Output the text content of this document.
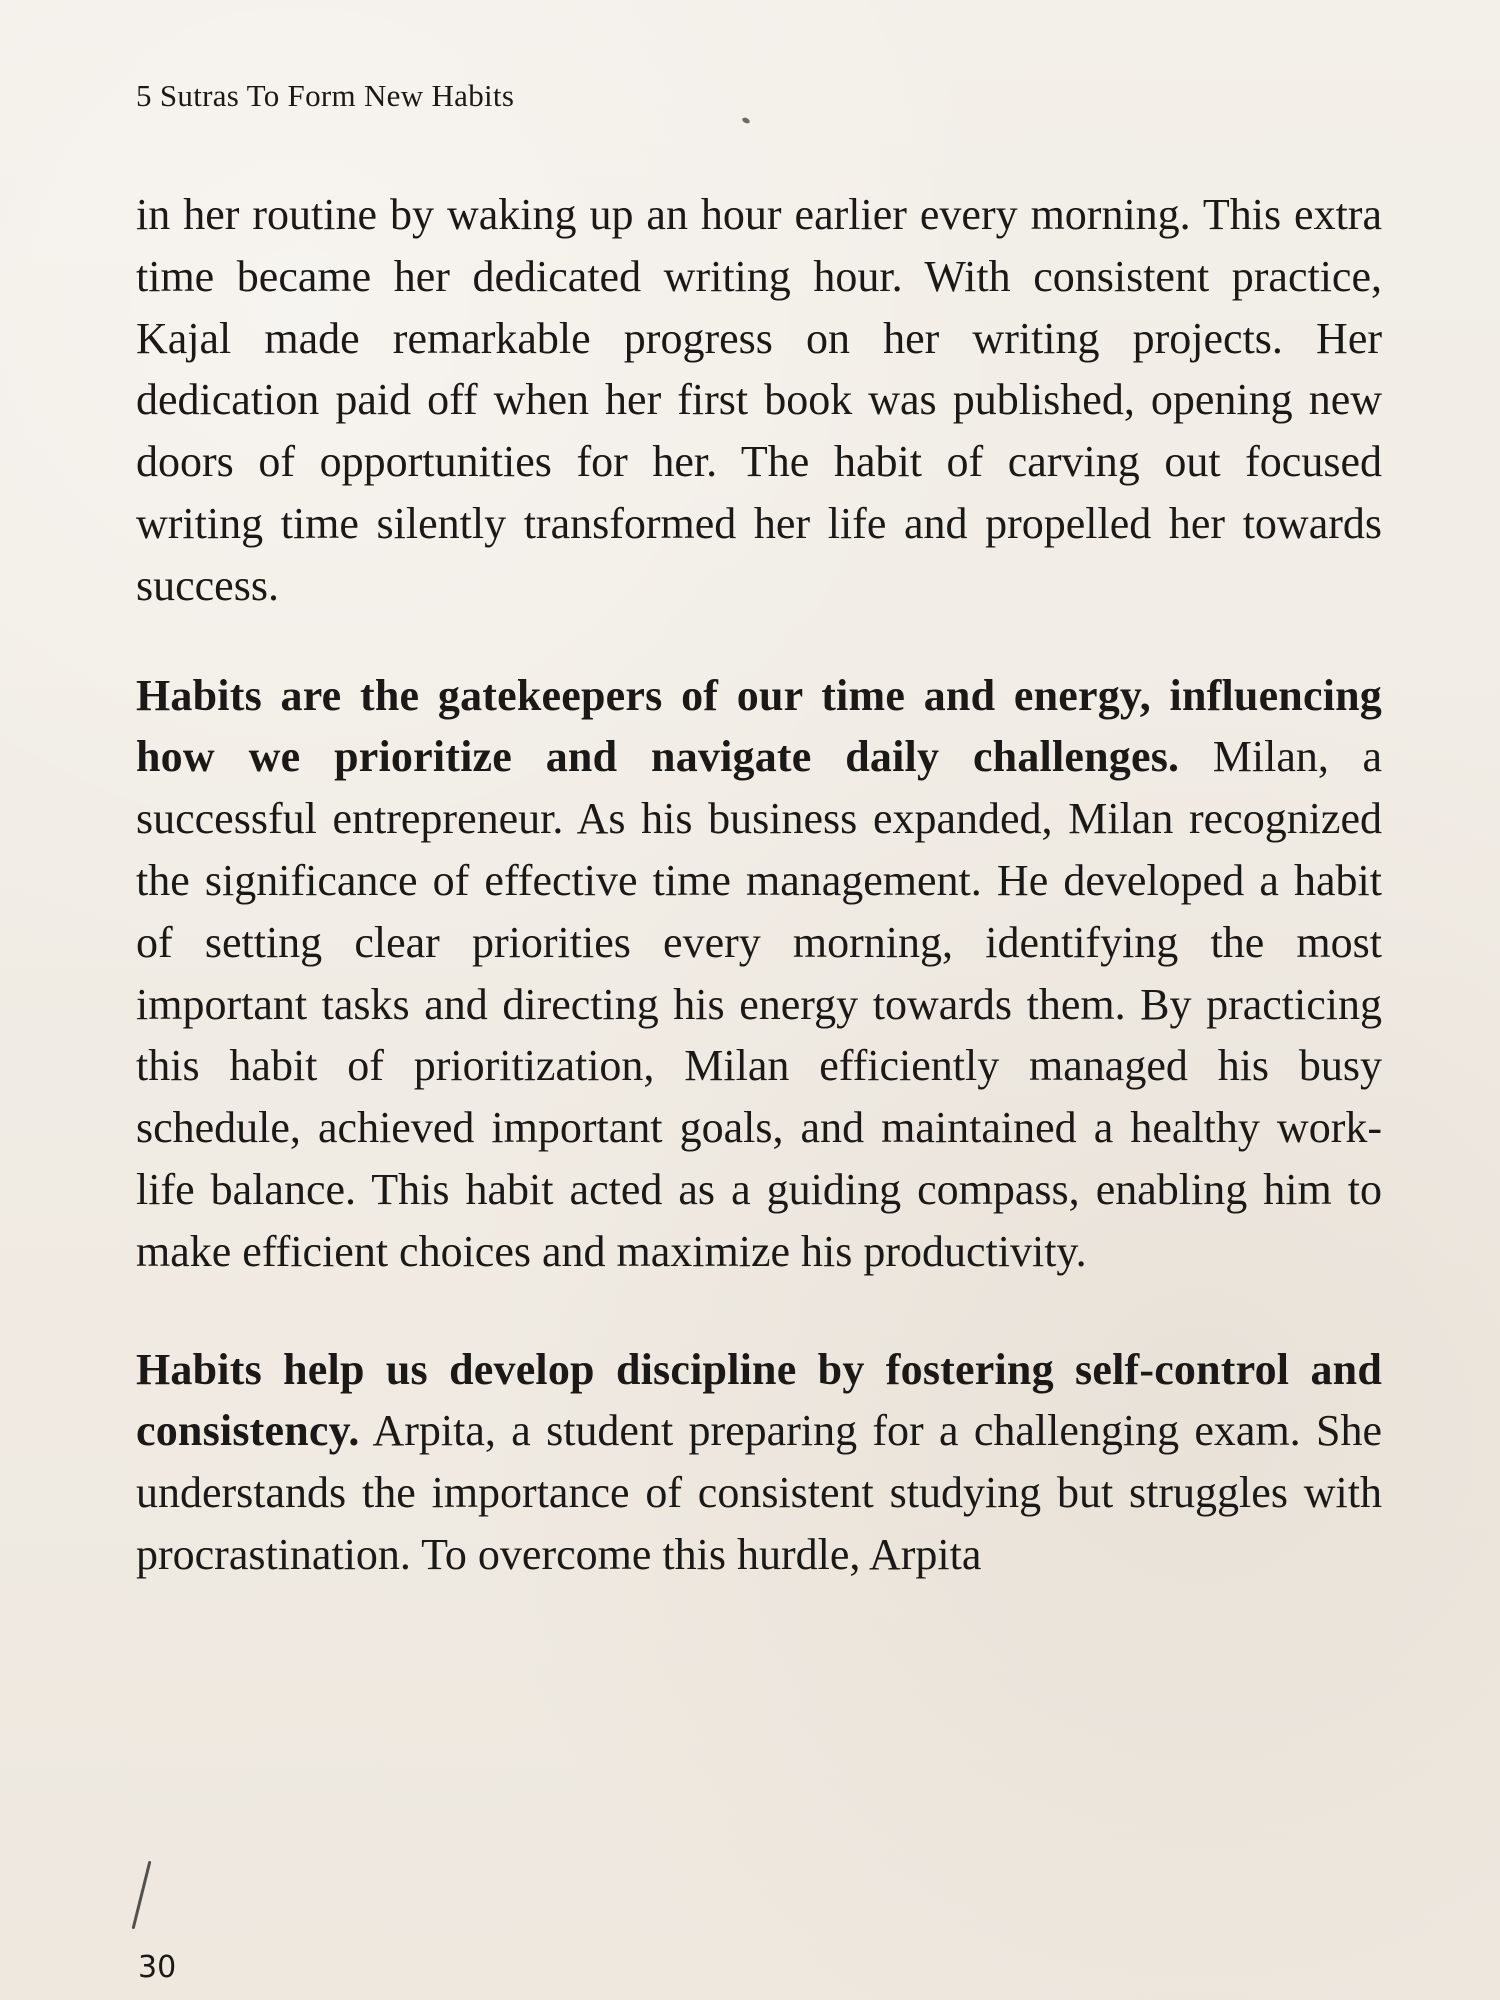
5 Sutras To Form New Habits

in her routine by waking up an hour earlier every morning. This extra time became her dedicated writing hour. With consistent practice, Kajal made remarkable progress on her writing projects. Her dedication paid off when her first book was published, opening new doors of opportunities for her. The habit of carving out focused writing time silently transformed her life and propelled her towards success.

Habits are the gatekeepers of our time and energy, influencing how we prioritize and navigate daily challenges. Milan, a successful entrepreneur. As his business expanded, Milan recognized the significance of effective time management. He developed a habit of setting clear priorities every morning, identifying the most important tasks and directing his energy towards them. By practicing this habit of prioritization, Milan efficiently managed his busy schedule, achieved important goals, and maintained a healthy work-life balance. This habit acted as a guiding compass, enabling him to make efficient choices and maximize his productivity.

Habits help us develop discipline by fostering self-control and consistency. Arpita, a student preparing for a challenging exam. She understands the importance of consistent studying but struggles with procrastination. To overcome this hurdle, Arpita

30
